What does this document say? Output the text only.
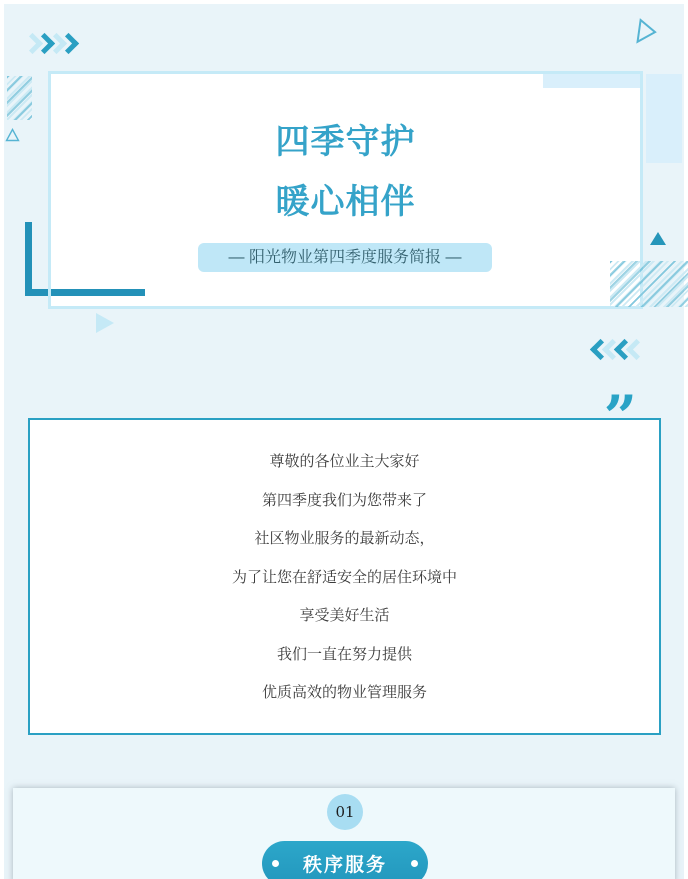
四季守护
暖心相伴
— 阳光物业第四季度服务简报 —
”

尊敬的各位业主大家好

第四季度我们为您带来了

社区物业服务的最新动态，

为了让您在舒适安全的居住环境中

享受美好生活

我们一直在努力提供

优质高效的物业管理服务

01
秩序服务
